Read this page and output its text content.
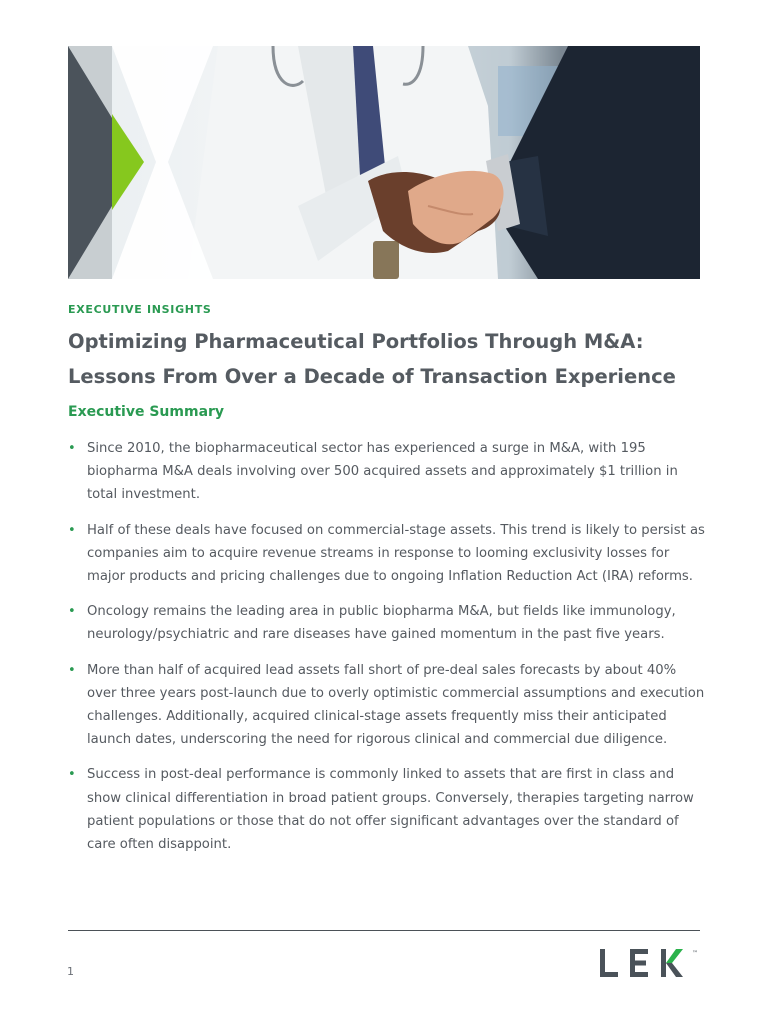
EXECUTIVE INSIGHTS

Optimizing Pharmaceutical Portfolios Through M&A: Lessons From Over a Decade of Transaction Experience
Executive Summary
• Since 2010, the biopharmaceutical sector has experienced a surge in M&A, with 195 biopharma M&A deals involving over 500 acquired assets and approximately $1 trillion in total investment.
• Half of these deals have focused on commercial-stage assets. This trend is likely to persist as companies aim to acquire revenue streams in response to looming exclusivity losses for major products and pricing challenges due to ongoing Inflation Reduction Act (IRA) reforms.
• Oncology remains the leading area in public biopharma M&A, but fields like immunology, neurology/psychiatric and rare diseases have gained momentum in the past five years.
• More than half of acquired lead assets fall short of pre-deal sales forecasts by about 40% over three years post-launch due to overly optimistic commercial assumptions and execution challenges. Additionally, acquired clinical-stage assets frequently miss their anticipated launch dates, underscoring the need for rigorous clinical and commercial due diligence.
• Success in post-deal performance is commonly linked to assets that are first in class and show clinical differentiation in broad patient groups. Conversely, therapies targeting narrow patient populations or those that do not offer significant advantages over the standard of care often disappoint.
1
™
